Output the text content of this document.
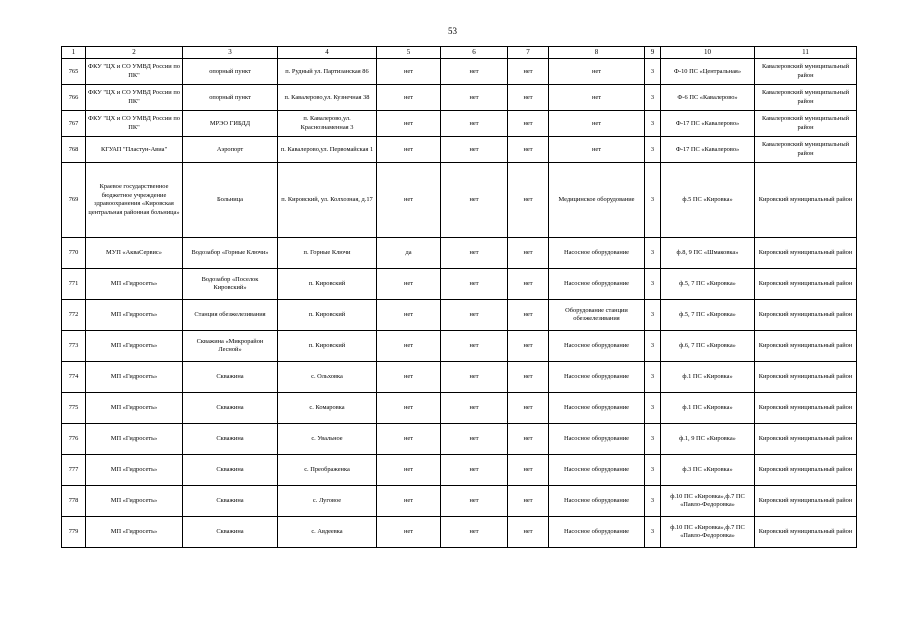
53
1	2	3	4	5	6	7	8	9	10	11
765	ФКУ "ЦХ и СО УМВД России по ПК"	опорный пункт	п. Рудный ул. Партизанская 86	нет	нет	нет	нет	3	Ф-10 ПС «Центральная»	Кавалеровский муниципальный район
766	ФКУ "ЦХ и СО УМВД России по ПК"	опорный пункт	п. Кавалерово,ул. Кузнечная 38	нет	нет	нет	нет	3	Ф-6 ПС «Кавалерово»	Кавалеровский муниципальный район
767	ФКУ "ЦХ и СО УМВД России по ПК"	МРЭО ГИБДД	п. Кавалерово,ул. Краснознаменная 3	нет	нет	нет	нет	3	Ф-17 ПС «Кавалерово»	Кавалеровский муниципальный район
768	КГУАП "Пластун-Авиа"	Аэропорт	п. Кавалерово,ул. Первомайская 1	нет	нет	нет	нет	3	Ф-17 ПС «Кавалерово»	Кавалеровский муниципальный район
769	Краевое государственное бюджетное учреждение здравоохранения «Кировская центральная районная больница»	Больница	п. Кировский, ул. Колхозная, д.17	нет	нет	нет	Медицинское оборудование	3	ф.5 ПС «Кировка»	Кировский муниципальный район
770	МУП «АкваСервис»	Водозабор «Горные Ключи»	п. Горные Ключи	да	нет	нет	Насосное оборудование	3	ф.8, 9 ПС «Шмаковка»	Кировский муниципальный район
771	МП «Гидросеть»	Водозабор «Поселок Кировский»	п. Кировский	нет	нет	нет	Насосное оборудование	3	ф.5, 7 ПС «Кировка»	Кировский муниципальный район
772	МП «Гидросеть»	Станция обезжелезивания	п. Кировский	нет	нет	нет	Оборудование станции обезжелезивания	3	ф.5, 7 ПС «Кировка»	Кировский муниципальный район
773	МП «Гидросеть»	Скважина «Микрорайон Лесной»	п. Кировский	нет	нет	нет	Насосное оборудование	3	ф.6, 7 ПС «Кировка»	Кировский муниципальный район
774	МП «Гидросеть»	Скважина	с. Ольховка	нет	нет	нет	Насосное оборудование	3	ф.1 ПС «Кировка»	Кировский муниципальный район
775	МП «Гидросеть»	Скважина	с. Комаровка	нет	нет	нет	Насосное оборудование	3	ф.1 ПС «Кировка»	Кировский муниципальный район
776	МП «Гидросеть»	Скважина	с. Увальное	нет	нет	нет	Насосное оборудование	3	ф.1, 9 ПС «Кировка»	Кировский муниципальный район
777	МП «Гидросеть»	Скважина	с. Преображенка	нет	нет	нет	Насосное оборудование	3	ф.3 ПС «Кировка»	Кировский муниципальный район
778	МП «Гидросеть»	Скважина	с. Луговое	нет	нет	нет	Насосное оборудование	3	ф.10 ПС «Кировка»,ф.7 ПС «Павло-Федоровка»	Кировский муниципальный район
779	МП «Гидросеть»	Скважина	с. Авдеевка	нет	нет	нет	Насосное оборудование	3	ф.10 ПС «Кировка»,ф.7 ПС «Павло-Федоровка»	Кировский муниципальный район
